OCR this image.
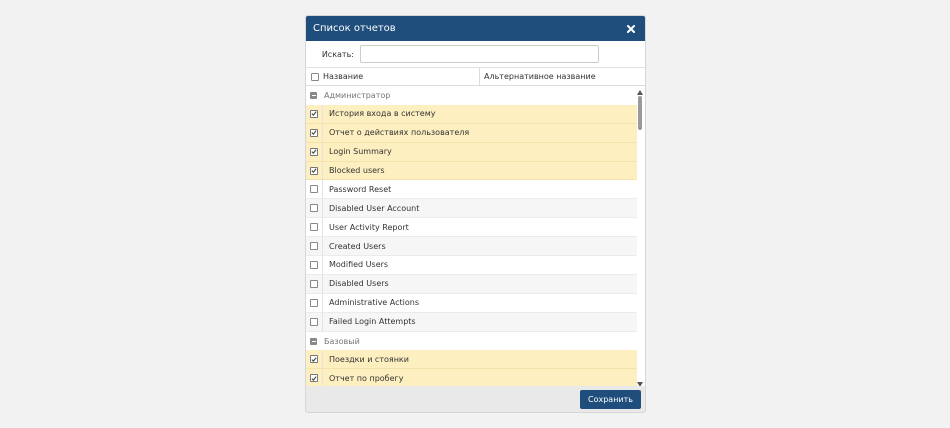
Список отчетов
Искать:
Название	Альтернативное название
Администратор
История входа в систему
Отчет о действиях пользователя
Login Summary
Blocked users
Password Reset
Disabled User Account
User Activity Report
Created Users
Modified Users
Disabled Users
Administrative Actions
Failed Login Attempts
Базовый
Поездки и стоянки
Отчет по пробегу
Сохранить
